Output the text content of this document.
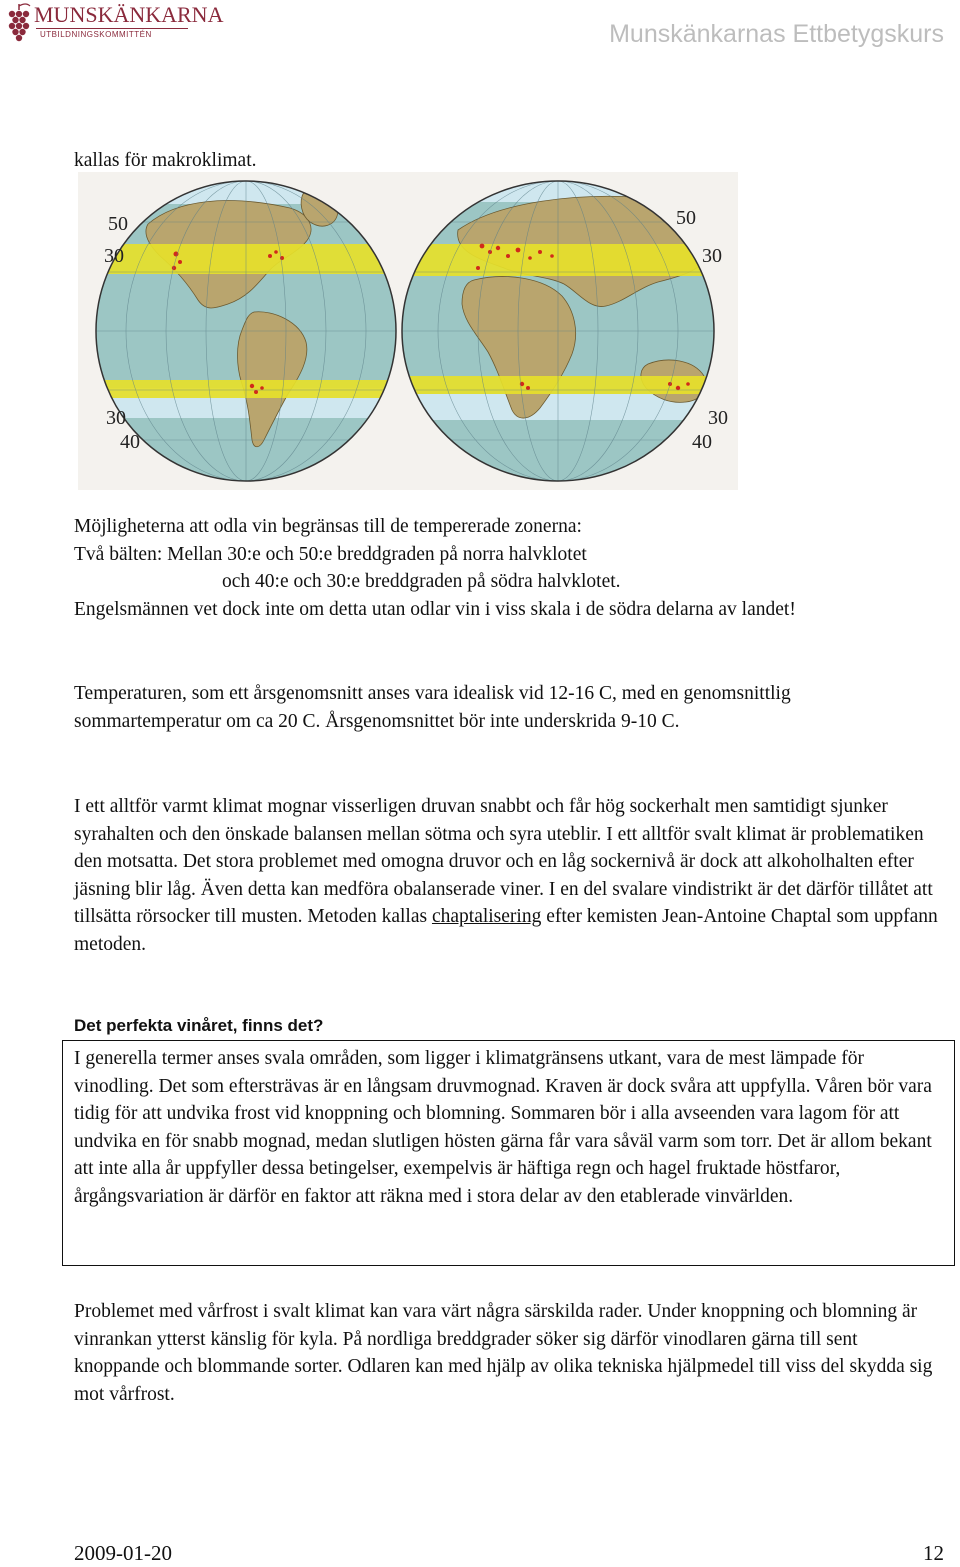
MUNSKÄNKARNA
UTBILDNINGSKOMMITTÉN	Munskänkarnas Ettbetygskurs

kallas för makroklimat.

50
30
30
40
50
30
30
40
Möjligheterna att odla vin begränsas till de tempererade zonerna:
Två bälten: Mellan 30:e och 50:e breddgraden på norra halvklotet
och 40:e och 30:e breddgraden på södra halvklotet.
Engelsmännen vet dock inte om detta utan odlar vin i viss skala i de södra delarna av landet!

Temperaturen, som ett årsgenomsnitt anses vara idealisk vid 12-16 C, med en genomsnittlig sommartemperatur om ca 20 C. Årsgenomsnittet bör inte underskrida 9-10 C.

I ett alltför varmt klimat mognar visserligen druvan snabbt och får hög sockerhalt men samtidigt sjunker syrahalten och den önskade balansen mellan sötma och syra uteblir. I ett alltför svalt klimat är problematiken den motsatta. Det stora problemet med omogna druvor och en låg sockernivå är dock att alkoholhalten efter jäsning blir låg. Även detta kan medföra obalanserade viner. I en del svalare vindistrikt är det därför tillåtet att tillsätta rörsocker till musten. Metoden kallas chaptalisering efter kemisten Jean-Antoine Chaptal som uppfann metoden.

Det perfekta vinåret, finns det?

I generella termer anses svala områden, som ligger i klimatgränsens utkant, vara de mest lämpade för vinodling. Det som eftersträvas är en långsam druvmognad. Kraven är dock svåra att uppfylla. Våren bör vara tidig för att undvika frost vid knoppning och blomning. Sommaren bör i alla avseenden vara lagom för att undvika en för snabb mognad, medan slutligen hösten gärna får vara såväl varm som torr. Det är allom bekant att inte alla år uppfyller dessa betingelser, exempelvis är häftiga regn och hagel fruktade höstfaror, årgångsvariation är därför en faktor att räkna med i stora delar av den etablerade vinvärlden.

Problemet med vårfrost i svalt klimat kan vara värt några särskilda rader. Under knoppning och blomning är vinrankan ytterst känslig för kyla. På nordliga breddgrader söker sig därför vinodlaren gärna till sent knoppande och blommande sorter. Odlaren kan med hjälp av olika tekniska hjälpmedel till viss del skydda sig mot vårfrost.

2009-01-20	12
